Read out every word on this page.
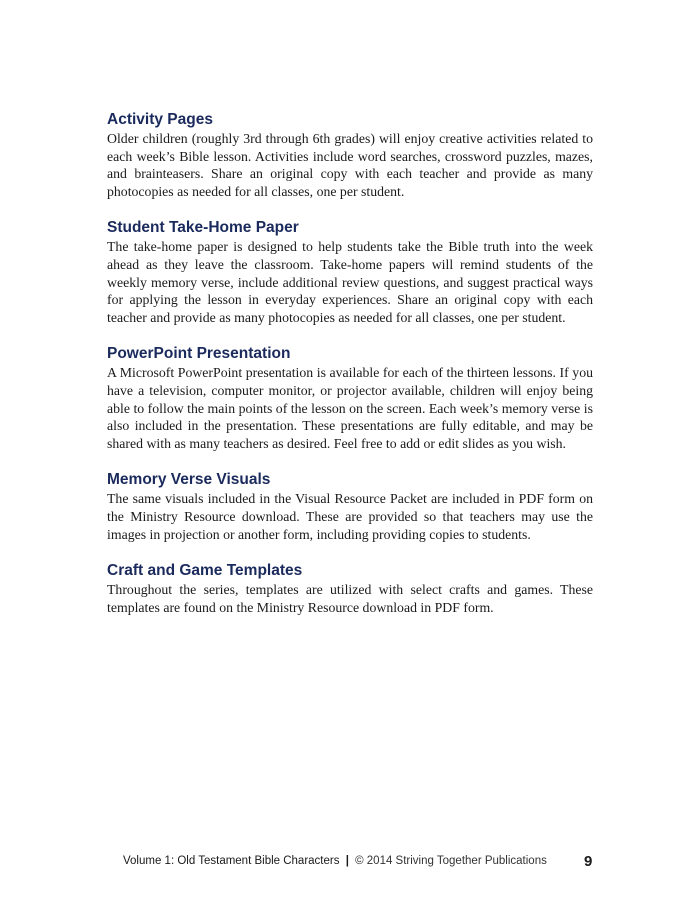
Activity Pages

Older children (roughly 3rd through 6th grades) will enjoy creative activities related to each week’s Bible lesson. Activities include word searches, crossword puzzles, mazes, and brainteasers. Share an original copy with each teacher and provide as many photocopies as needed for all classes, one per student.

Student Take-Home Paper

The take-home paper is designed to help students take the Bible truth into the week ahead as they leave the classroom. Take-home papers will remind students of the weekly memory verse, include additional review questions, and suggest practical ways for applying the lesson in everyday experiences. Share an original copy with each teacher and provide as many photocopies as needed for all classes, one per student.

PowerPoint Presentation

A Microsoft PowerPoint presentation is available for each of the thirteen lessons. If you have a television, computer monitor, or projector available, children will enjoy being able to follow the main points of the lesson on the screen. Each week’s memory verse is also included in the presentation. These presentations are fully editable, and may be shared with as many teachers as desired. Feel free to add or edit slides as you wish.

Memory Verse Visuals

The same visuals included in the Visual Resource Packet are included in PDF form on the Ministry Resource download. These are provided so that teachers may use the images in projection or another form, including providing copies to students.

Craft and Game Templates

Throughout the series, templates are utilized with select crafts and games. These templates are found on the Ministry Resource download in PDF form.

Volume 1: Old Testament Bible Characters | © 2014 Striving Together Publications 9
